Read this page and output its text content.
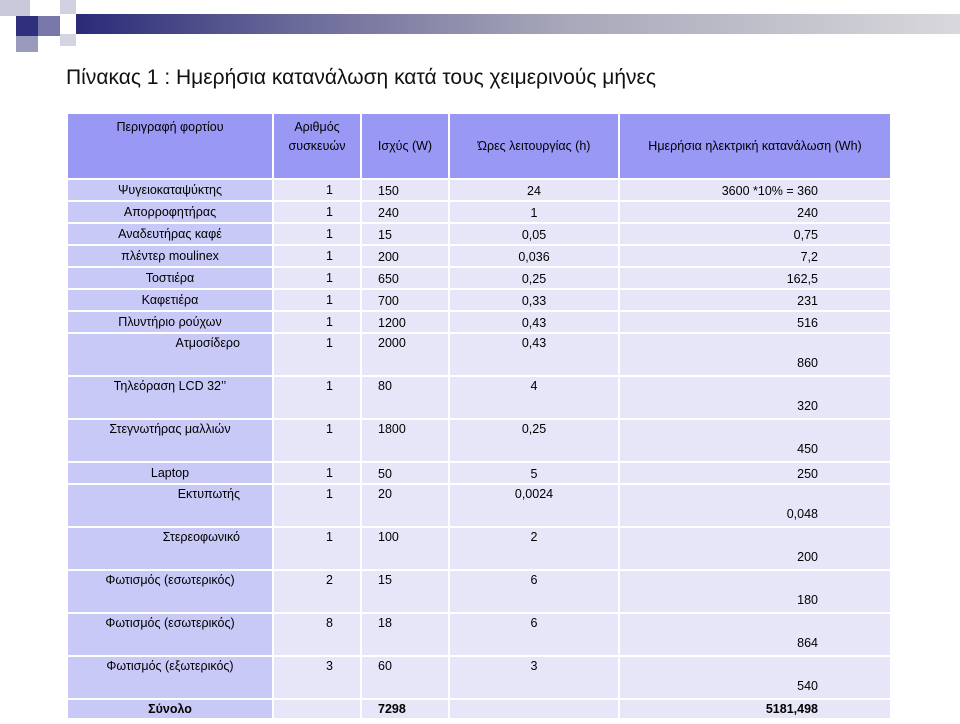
Πίνακας 1 : Ημερήσια κατανάλωση κατά τους χειμερινούς μήνες
Περιγραφή φορτίου	Αριθμός συσκευών	Ισχύς (W)	Ώρες λειτουργίας (h)	Ημερήσια ηλεκτρική κατανάλωση (Wh)
Ψυγειοκαταψύκτης	1	150	24	3600 *10% = 360
Απορροφητήρας	1	240	1	240
Αναδευτήρας καφέ	1	15	0,05	0,75
πλέντερ moulinex	1	200	0,036	7,2
Τοστιέρα	1	650	0,25	162,5
Καφετιέρα	1	700	0,33	231
Πλυντήριο ρούχων	1	1200	0,43	516
Ατμοσίδερο	1	2000	0,43	860
Τηλεόραση LCD 32’’	1	80	4	320
Στεγνωτήρας μαλλιών	1	1800	0,25	450
Laptop	1	50	5	250
Εκτυπωτής	1	20	0,0024	0,048
Στερεοφωνικό	1	100	2	200
Φωτισμός (εσωτερικός)	2	15	6	180
Φωτισμός (εσωτερικός)	8	18	6	864
Φωτισμός (εξωτερικός)	3	60	3	540
Σύνολο		7298		5181,498
